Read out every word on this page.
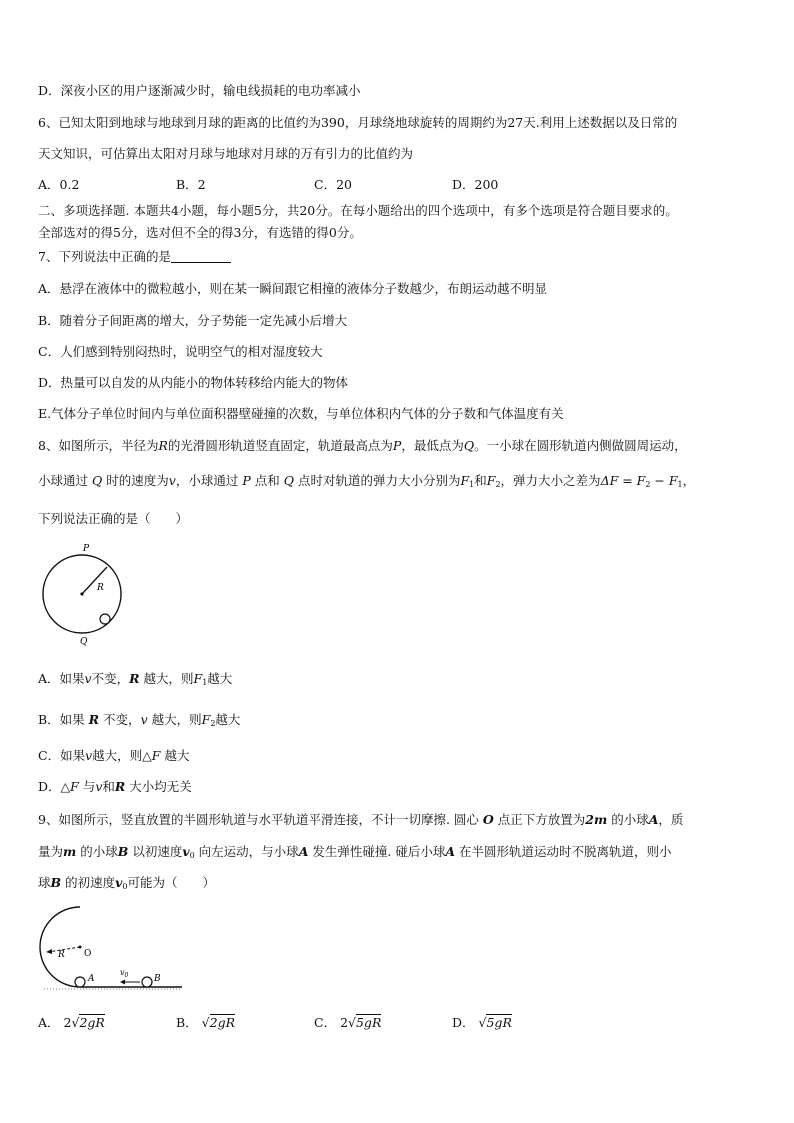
D．深夜小区的用户逐渐减少时，输电线损耗的电功率减小
6、已知太阳到地球与地球到月球的距离的比值约为390，月球绕地球旋转的周期约为27天.利用上述数据以及日常的
天文知识，可估算出太阳对月球与地球对月球的万有引力的比值约为
A．0.2	B．2	C．20	D．200
二、多项选择题. 本题共4小题，每小题5分，共20分。在每小题给出的四个选项中，有多个选项是符合题目要求的。
全部选对的得5分，选对但不全的得3分，有选错的得0分。
7、下列说法中正确的是
A．悬浮在液体中的微粒越小，则在某一瞬间跟它相撞的液体分子数越少，布朗运动越不明显
B．随着分子间距离的增大，分子势能一定先减小后增大
C．人们感到特别闷热时，说明空气的相对湿度较大
D．热量可以自发的从内能小的物体转移给内能大的物体
E.气体分子单位时间内与单位面积器壁碰撞的次数，与单位体积内气体的分子数和气体温度有关
8、如图所示，半径为R的光滑圆形轨道竖直固定，轨道最高点为P，最低点为Q。一小球在圆形轨道内侧做圆周运动，
小球通过 Q 时的速度为v，小球通过 P 点和 Q 点时对轨道的弹力大小分别为$F_1$和$F_2$，弹力大小之差为$\Delta F = F_2 - F_1$，
下列说法正确的是（　　）
P
R
Q
A．如果v不变，R 越大，则$F_1$越大
B．如果 R 不变，v 越大，则$F_2$越大
C．如果v越大，则△F 越大
D．△F 与v和R 大小均无关
9、如图所示，竖直放置的半圆形轨道与水平轨道平滑连接，不计一切摩擦. 圆心 O 点正下方放置为2m 的小球A，质
量为m 的小球B 以初速度$v_0$ 向左运动，与小球A 发生弹性碰撞. 碰后小球A 在半圆形轨道运动时不脱离轨道，则小
球B 的初速度$v_0$可能为（　　）
R O
A
$v_0$	B
A． 2√2gR	B． √2gR	C． 2√5gR	D． √5gR
